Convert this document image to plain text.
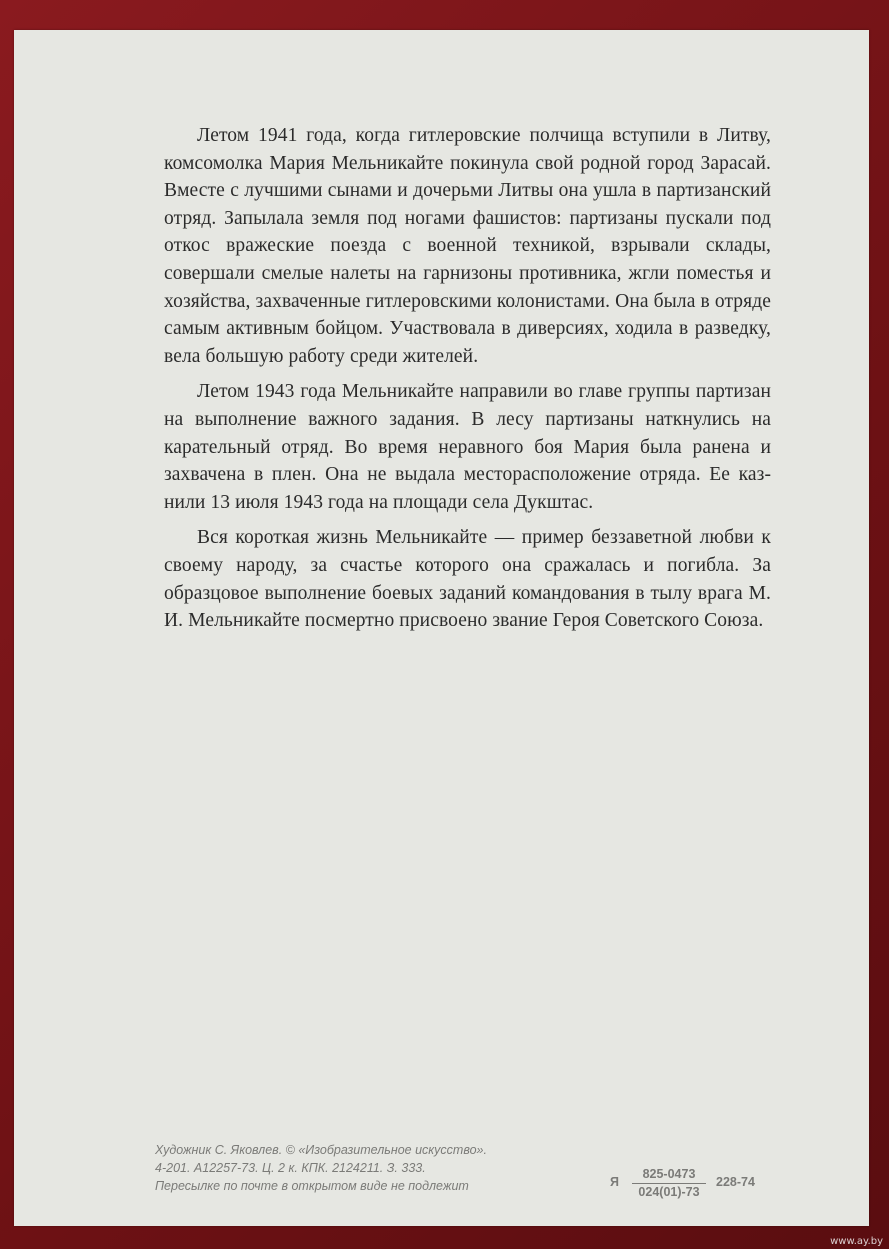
Летом 1941 года, когда гитлеровские полчища вступили в Литву, комсомолка Мария Мельникайте покинула свой родной город Зарасай. Вместе с лучшими сынами и дочерьми Литвы она ушла в партизанский отряд. Запылала земля под ногами фашистов: партизаны пускали под откос вражеские поезда с военной техникой, взрывали склады, совершали смелые налеты на гарнизоны противника, жгли поместья и хозяйства, захваченные гитлеровскими колонистами. Она была в отряде самым активным бойцом. Участвовала в диверсиях, ходила в разведку, вела большую работу среди жителей.

Летом 1943 года Мельникайте направили во главе группы партизан на выполнение важного задания. В лесу партизаны наткнулись на карательный отряд. Во время неравного боя Мария была ранена и захвачена в плен. Она не выдала месторасположение отряда. Ее казнили 13 июля 1943 года на площади села Дукштас.

Вся короткая жизнь Мельникайте — пример беззаветной любви к своему народу, за счастье которого она сражалась и погибла. За образцовое выполнение боевых заданий командования в тылу врага М. И. Мельникайте посмертно присвоено звание Героя Советского Союза.

Художник С. Яковлев. © «Изобразительное искусство».
4-201. А12257-73. Ц. 2 к. КПК. 2124211. З. 333.
Пересылке по почте в открытом виде не подлежит	Я
825-0473
024(01)-73
228-74
www.ay.by
